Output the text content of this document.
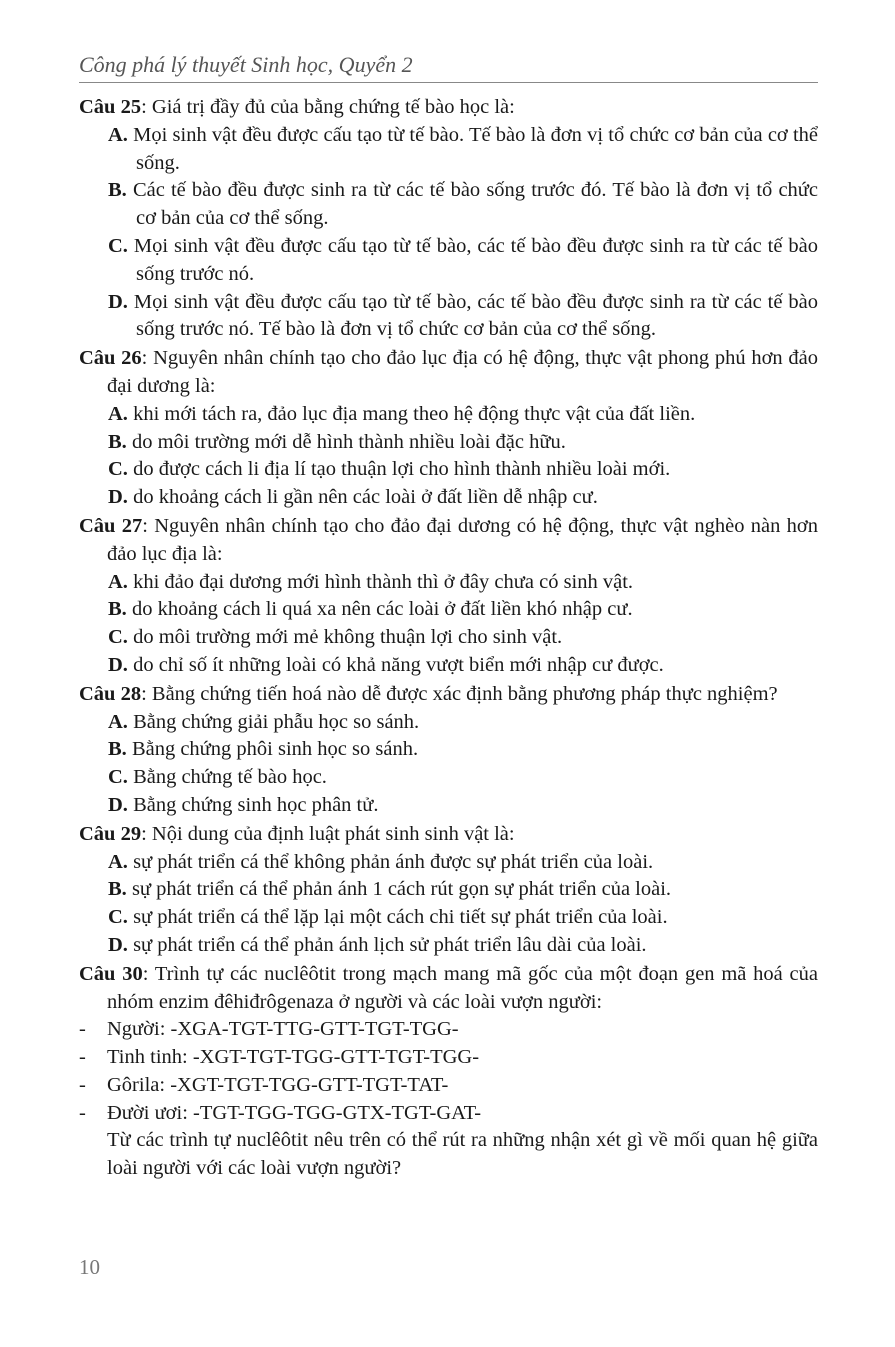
Công phá lý thuyết Sinh học, Quyển 2
Câu 25: Giá trị đầy đủ của bằng chứng tế bào học là:
A. Mọi sinh vật đều được cấu tạo từ tế bào. Tế bào là đơn vị tổ chức cơ bản của cơ thể sống.
B. Các tế bào đều được sinh ra từ các tế bào sống trước đó. Tế bào là đơn vị tổ chức cơ bản của cơ thể sống.
C. Mọi sinh vật đều được cấu tạo từ tế bào, các tế bào đều được sinh ra từ các tế bào sống trước nó.
D. Mọi sinh vật đều được cấu tạo từ tế bào, các tế bào đều được sinh ra từ các tế bào sống trước nó. Tế bào là đơn vị tổ chức cơ bản của cơ thể sống.
Câu 26: Nguyên nhân chính tạo cho đảo lục địa có hệ động, thực vật phong phú hơn đảo đại dương là:
A. khi mới tách ra, đảo lục địa mang theo hệ động thực vật của đất liền.
B. do môi trường mới dễ hình thành nhiều loài đặc hữu.
C. do được cách li địa lí tạo thuận lợi cho hình thành nhiều loài mới.
D. do khoảng cách li gần nên các loài ở đất liền dễ nhập cư.
Câu 27: Nguyên nhân chính tạo cho đảo đại dương có hệ động, thực vật nghèo nàn hơn đảo lục địa là:
A. khi đảo đại dương mới hình thành thì ở đây chưa có sinh vật.
B. do khoảng cách li quá xa nên các loài ở đất liền khó nhập cư.
C. do môi trường mới mẻ không thuận lợi cho sinh vật.
D. do chỉ số ít những loài có khả năng vượt biển mới nhập cư được.
Câu 28: Bằng chứng tiến hoá nào dễ được xác định bằng phương pháp thực nghiệm?
A. Bằng chứng giải phẫu học so sánh.
B. Bằng chứng phôi sinh học so sánh.
C. Bằng chứng tế bào học.
D. Bằng chứng sinh học phân tử.
Câu 29: Nội dung của định luật phát sinh sinh vật là:
A. sự phát triển cá thể không phản ánh được sự phát triển của loài.
B. sự phát triển cá thể phản ánh 1 cách rút gọn sự phát triển của loài.
C. sự phát triển cá thể lặp lại một cách chi tiết sự phát triển của loài.
D. sự phát triển cá thể phản ánh lịch sử phát triển lâu dài của loài.
Câu 30: Trình tự các nuclêôtit trong mạch mang mã gốc của một đoạn gen mã hoá của nhóm enzim đêhiđrôgenaza ở người và các loài vượn người:
- Người: -XGA-TGT-TTG-GTT-TGT-TGG-
- Tinh tinh: -XGT-TGT-TGG-GTT-TGT-TGG-
- Gôrila: -XGT-TGT-TGG-GTT-TGT-TAT-
- Đười ươi: -TGT-TGG-TGG-GTX-TGT-GAT-
Từ các trình tự nuclêôtit nêu trên có thể rút ra những nhận xét gì về mối quan hệ giữa loài người với các loài vượn người?
10
